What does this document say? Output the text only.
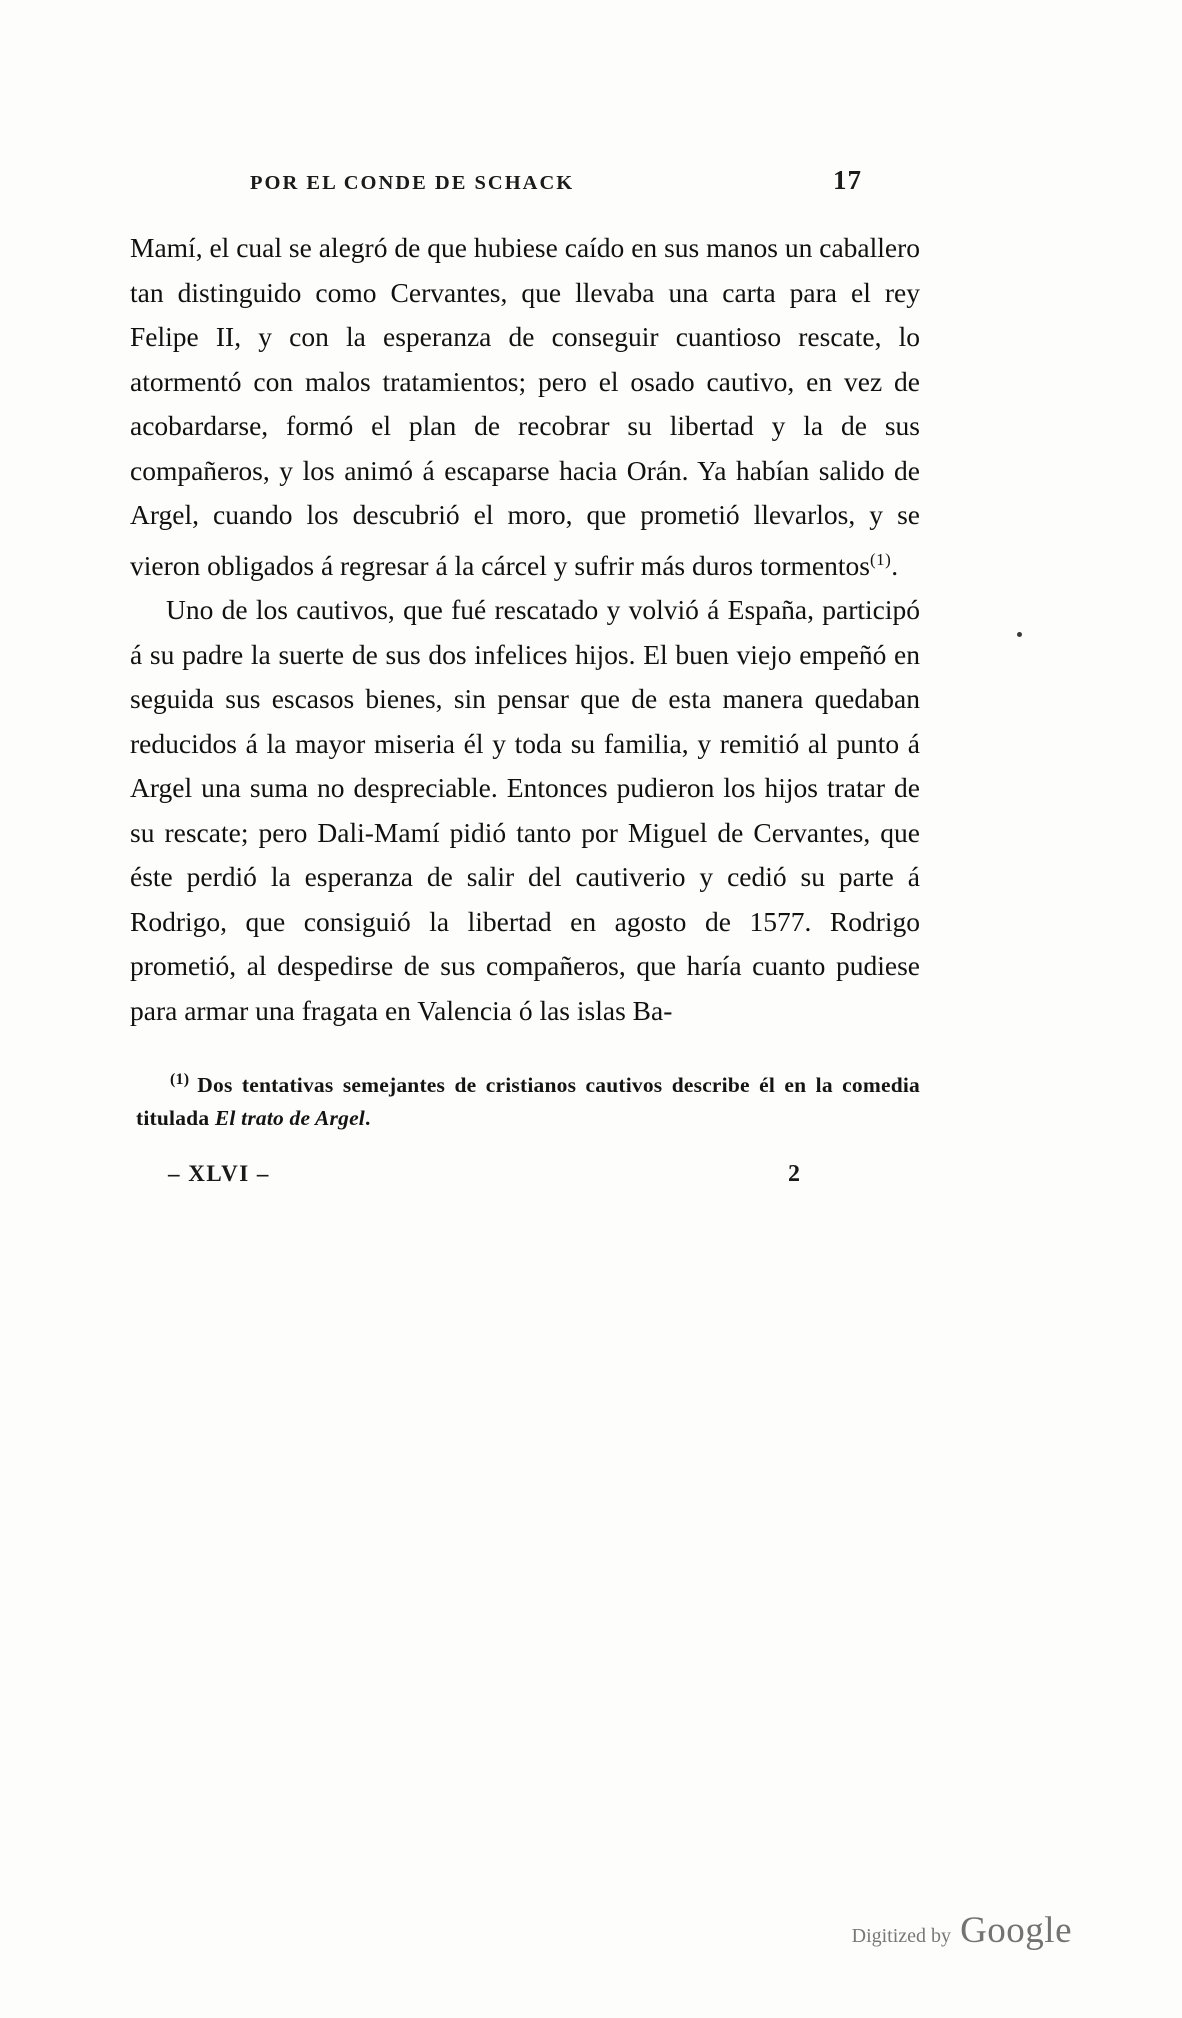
POR EL CONDE DE SCHACK	17

Mamí, el cual se alegró de que hubiese caído en sus manos un caballero tan distinguido como Cervantes, que llevaba una carta para el rey Felipe II, y con la esperanza de conseguir cuantioso rescate, lo atormentó con malos tratamientos; pero el osado cautivo, en vez de acobardarse, formó el plan de recobrar su libertad y la de sus compañeros, y los animó á escaparse hacia Orán. Ya habían salido de Argel, cuando los descubrió el moro, que prometió llevarlos, y se vieron obligados á regresar á la cárcel y sufrir más duros tormentos$^{(1)}$.

Uno de los cautivos, que fué rescatado y volvió á España, participó á su padre la suerte de sus dos infelices hijos. El buen viejo empeñó en seguida sus escasos bienes, sin pensar que de esta manera quedaban reducidos á la mayor miseria él y toda su familia, y remitió al punto á Argel una suma no despreciable. Entonces pudieron los hijos tratar de su rescate; pero Dali-Mamí pidió tanto por Miguel de Cervantes, que éste perdió la esperanza de salir del cautiverio y cedió su parte á Rodrigo, que consiguió la libertad en agosto de 1577. Rodrigo prometió, al despedirse de sus compañeros, que haría cuanto pudiese para armar una fragata en Valencia ó las islas Ba-

$^{(1)}$ Dos tentativas semejantes de cristianos cautivos describe él en la comedia titulada El trato de Argel.
– XLVI –	2
Digitized by Google
